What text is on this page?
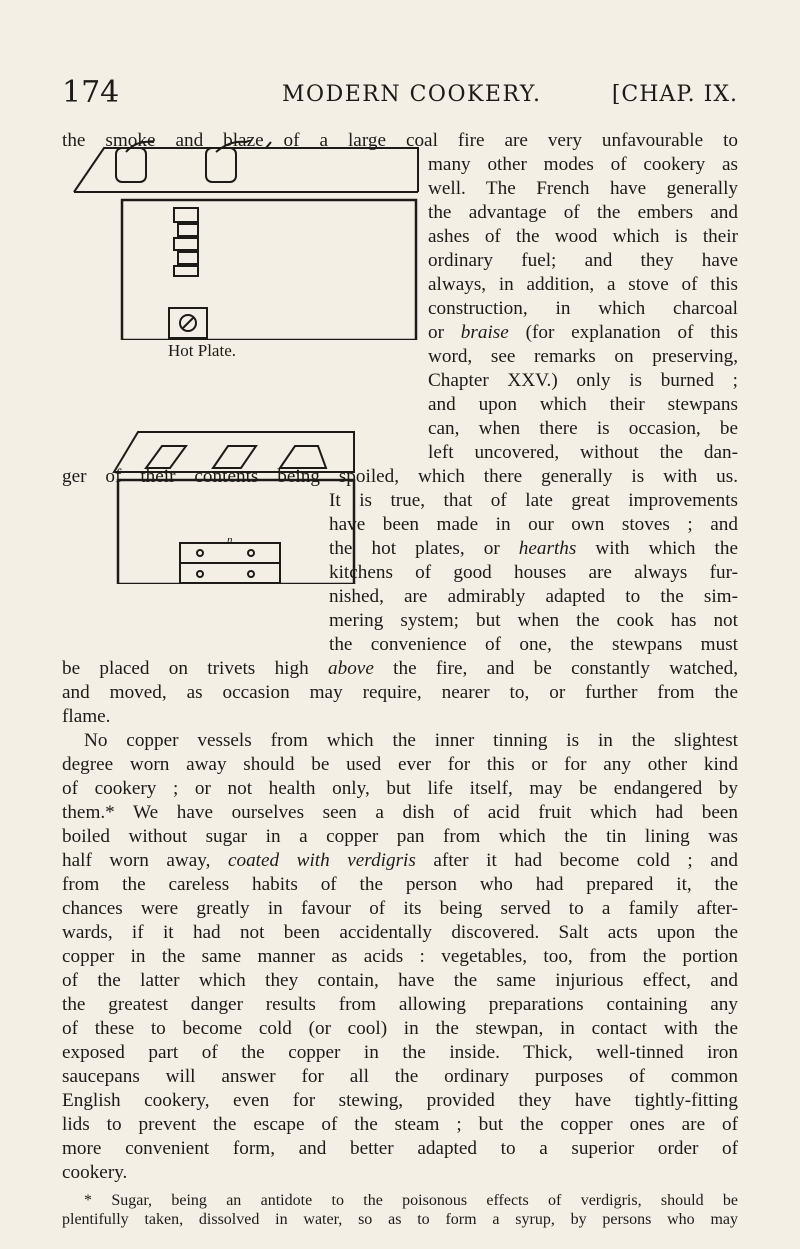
174	MODERN COOKERY.	[CHAP. IX.
Hot Plate.
n
the smoke and blaze of a large coal fire are very unfavourable to
many other modes of cookery as
well. The French have generally
the advantage of the embers and
ashes of the wood which is their
ordinary fuel; and they have
always, in addition, a stove of this
construction, in which charcoal
or braise (for explanation of this
word, see remarks on preserving,
Chapter XXV.) only is burned ;
and upon which their stewpans
can, when there is occasion, be
left uncovered, without the dan-
ger of their contents being spoiled, which there generally is with us.
It is true, that of late great improvements
have been made in our own stoves ; and
the hot plates, or hearths with which the
kitchens of good houses are always fur-
nished, are admirably adapted to the sim-
mering system; but when the cook has not
the convenience of one, the stewpans must
be placed on trivets high above the fire, and be constantly watched,
and moved, as occasion may require, nearer to, or further from the
flame.
No copper vessels from which the inner tinning is in the slightest
degree worn away should be used ever for this or for any other kind
of cookery ; or not health only, but life itself, may be endangered by
them.* We have ourselves seen a dish of acid fruit which had been
boiled without sugar in a copper pan from which the tin lining was
half worn away, coated with verdigris after it had become cold ; and
from the careless habits of the person who had prepared it, the
chances were greatly in favour of its being served to a family after-
wards, if it had not been accidentally discovered. Salt acts upon the
copper in the same manner as acids : vegetables, too, from the portion
of the latter which they contain, have the same injurious effect, and
the greatest danger results from allowing preparations containing any
of these to become cold (or cool) in the stewpan, in contact with the
exposed part of the copper in the inside. Thick, well-tinned iron
saucepans will answer for all the ordinary purposes of common
English cookery, even for stewing, provided they have tightly-fitting
lids to prevent the escape of the steam ; but the copper ones are of
more convenient form, and better adapted to a superior order of
cookery.
* Sugar, being an antidote to the poisonous effects of verdigris, should be
plentifully taken, dissolved in water, so as to form a syrup, by persons who may
